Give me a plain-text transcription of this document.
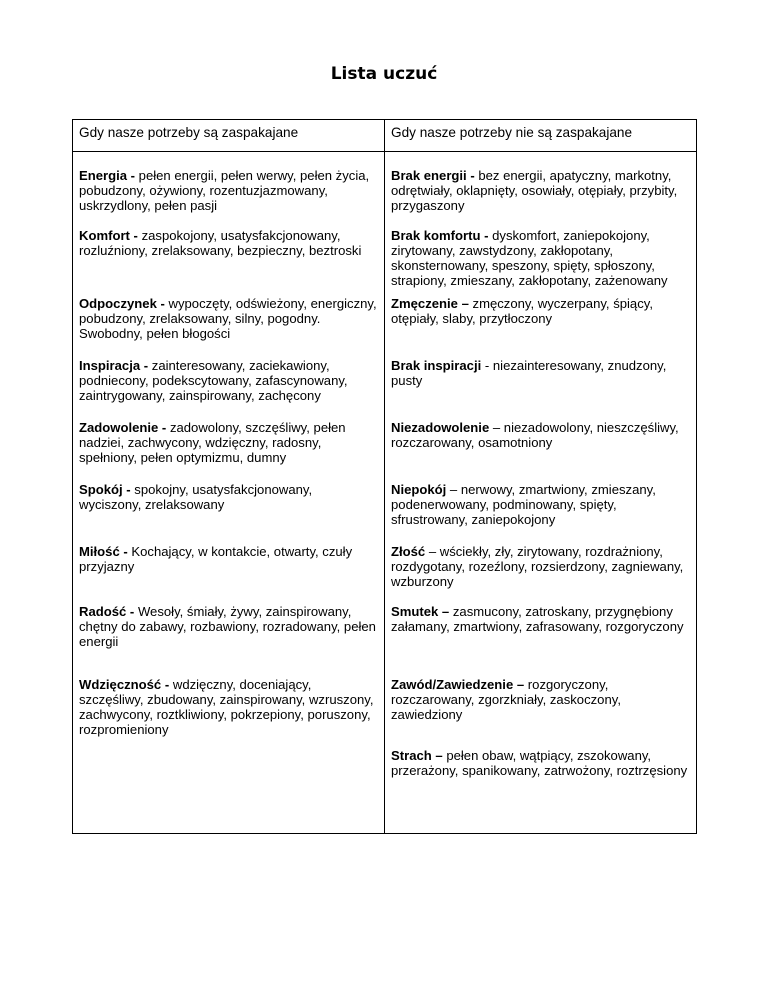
Lista uczuć
Gdy nasze potrzeby są zaspakajane	Gdy nasze potrzeby nie są zaspakajane
Energia - pełen energii, pełen werwy, pełen życia, pobudzony, ożywiony, rozentuzjazmowany, uskrzydlony, pełen pasji	Brak energii - bez energii, apatyczny, markotny, odrętwiały, oklapnięty, osowiały, otępiały, przybity, przygaszony
Komfort - zaspokojony, usatysfakcjonowany, rozluźniony, zrelaksowany, bezpieczny, beztroski	Brak komfortu - dyskomfort, zaniepokojony, zirytowany, zawstydzony, zakłopotany, skonsternowany, speszony, spięty, spłoszony, strapiony, zmieszany, zakłopotany, zażenowany
Odpoczynek - wypoczęty, odświeżony, energiczny, pobudzony, zrelaksowany, silny, pogodny. Swobodny, pełen błogości	Zmęczenie – zmęczony, wyczerpany, śpiący, otępiały, slaby, przytłoczony
Inspiracja - zainteresowany, zaciekawiony, podniecony, podekscytowany, zafascynowany, zaintrygowany, zainspirowany, zachęcony	Brak inspiracji - niezainteresowany, znudzony, pusty
Zadowolenie - zadowolony, szczęśliwy, pełen nadziei, zachwycony, wdzięczny, radosny, spełniony, pełen optymizmu, dumny	Niezadowolenie – niezadowolony, nieszczęśliwy, rozczarowany, osamotniony
Spokój - spokojny, usatysfakcjonowany, wyciszony, zrelaksowany	Niepokój – nerwowy, zmartwiony, zmieszany, podenerwowany, podminowany, spięty, sfrustrowany, zaniepokojony
Miłość - Kochający, w kontakcie, otwarty, czuły przyjazny	Złość – wściekły, zły, zirytowany, rozdrażniony, rozdygotany, rozeźlony, rozsierdzony, zagniewany, wzburzony
Radość - Wesoły, śmiały, żywy, zainspirowany, chętny do zabawy, rozbawiony, rozradowany, pełen energii	Smutek – zasmucony, zatroskany, przygnębiony załamany, zmartwiony, zafrasowany, rozgoryczony
Wdzięczność - wdzięczny, doceniający, szczęśliwy, zbudowany, zainspirowany, wzruszony, zachwycony, roztkliwiony, pokrzepiony, poruszony, rozpromieniony	Zawód/Zawiedzenie – rozgoryczony, rozczarowany, zgorzkniały, zaskoczony, zawiedziony
	Strach – pełen obaw, wątpiący, zszokowany, przerażony, spanikowany, zatrwożony, roztrzęsiony
